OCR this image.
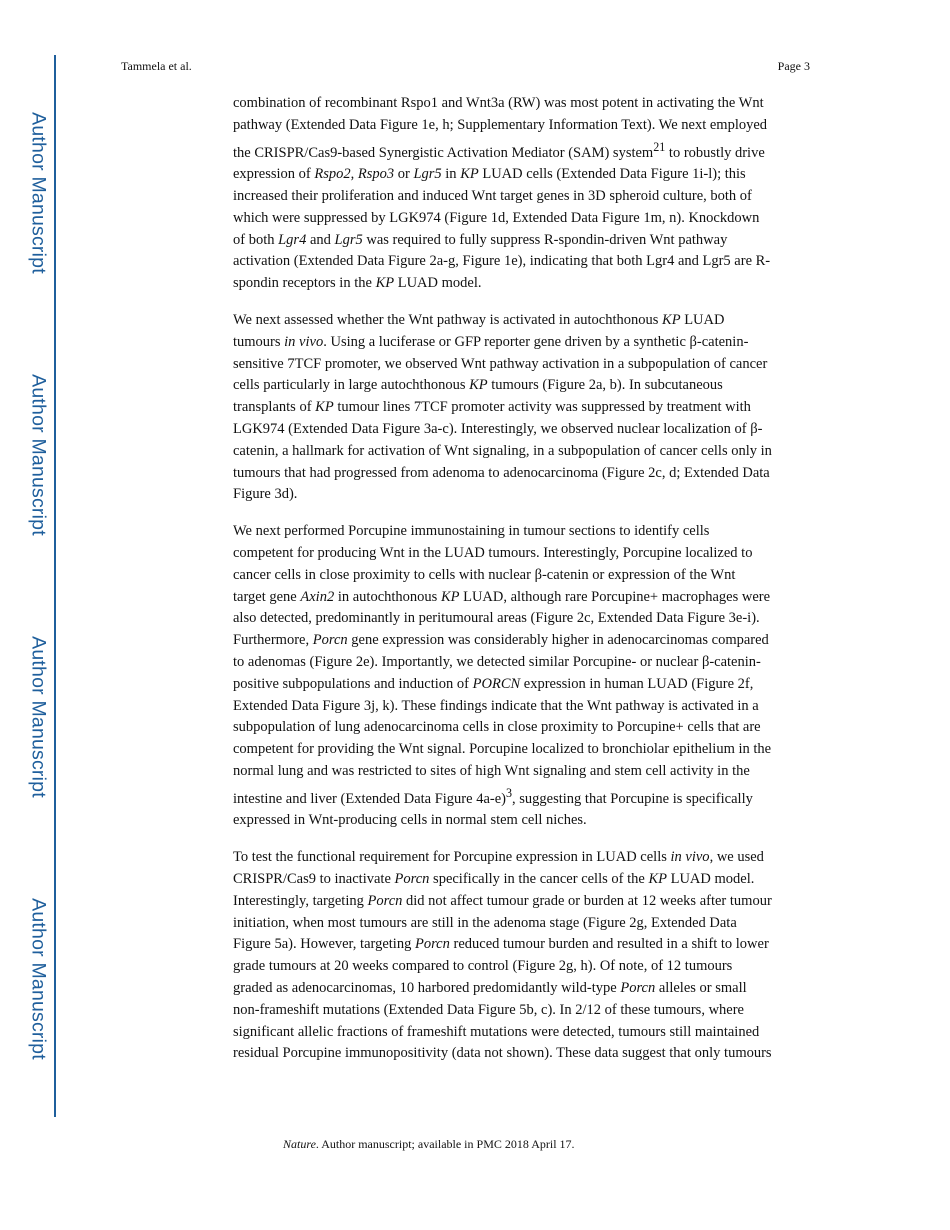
Author Manuscript
Author Manuscript
Author Manuscript
Author Manuscript
Tammela et al.	Page 3

combination of recombinant Rspo1 and Wnt3a (RW) was most potent in activating the Wnt
pathway (Extended Data Figure 1e, h; Supplementary Information Text). We next employed
the CRISPR/Cas9-based Synergistic Activation Mediator (SAM) system$^{21}$ to robustly drive
expression of Rspo2, Rspo3 or Lgr5 in KP LUAD cells (Extended Data Figure 1i-l); this
increased their proliferation and induced Wnt target genes in 3D spheroid culture, both of
which were suppressed by LGK974 (Figure 1d, Extended Data Figure 1m, n). Knockdown
of both Lgr4 and Lgr5 was required to fully suppress R-spondin-driven Wnt pathway
activation (Extended Data Figure 2a-g, Figure 1e), indicating that both Lgr4 and Lgr5 are R-
spondin receptors in the KP LUAD model.

We next assessed whether the Wnt pathway is activated in autochthonous KP LUAD
tumours in vivo. Using a luciferase or GFP reporter gene driven by a synthetic β-catenin-
sensitive 7TCF promoter, we observed Wnt pathway activation in a subpopulation of cancer
cells particularly in large autochthonous KP tumours (Figure 2a, b). In subcutaneous
transplants of KP tumour lines 7TCF promoter activity was suppressed by treatment with
LGK974 (Extended Data Figure 3a-c). Interestingly, we observed nuclear localization of β-
catenin, a hallmark for activation of Wnt signaling, in a subpopulation of cancer cells only in
tumours that had progressed from adenoma to adenocarcinoma (Figure 2c, d; Extended Data
Figure 3d).

We next performed Porcupine immunostaining in tumour sections to identify cells
competent for producing Wnt in the LUAD tumours. Interestingly, Porcupine localized to
cancer cells in close proximity to cells with nuclear β-catenin or expression of the Wnt
target gene Axin2 in autochthonous KP LUAD, although rare Porcupine+ macrophages were
also detected, predominantly in peritumoural areas (Figure 2c, Extended Data Figure 3e-i).
Furthermore, Porcn gene expression was considerably higher in adenocarcinomas compared
to adenomas (Figure 2e). Importantly, we detected similar Porcupine- or nuclear β-catenin-
positive subpopulations and induction of PORCN expression in human LUAD (Figure 2f,
Extended Data Figure 3j, k). These findings indicate that the Wnt pathway is activated in a
subpopulation of lung adenocarcinoma cells in close proximity to Porcupine+ cells that are
competent for providing the Wnt signal. Porcupine localized to bronchiolar epithelium in the
normal lung and was restricted to sites of high Wnt signaling and stem cell activity in the
intestine and liver (Extended Data Figure 4a-e)$^3$, suggesting that Porcupine is specifically
expressed in Wnt-producing cells in normal stem cell niches.

To test the functional requirement for Porcupine expression in LUAD cells in vivo, we used
CRISPR/Cas9 to inactivate Porcn specifically in the cancer cells of the KP LUAD model.
Interestingly, targeting Porcn did not affect tumour grade or burden at 12 weeks after tumour
initiation, when most tumours are still in the adenoma stage (Figure 2g, Extended Data
Figure 5a). However, targeting Porcn reduced tumour burden and resulted in a shift to lower
grade tumours at 20 weeks compared to control (Figure 2g, h). Of note, of 12 tumours
graded as adenocarcinomas, 10 harbored predomidantly wild-type Porcn alleles or small
non-frameshift mutations (Extended Data Figure 5b, c). In 2/12 of these tumours, where
significant allelic fractions of frameshift mutations were detected, tumours still maintained
residual Porcupine immunopositivity (data not shown). These data suggest that only tumours

Nature. Author manuscript; available in PMC 2018 April 17.
